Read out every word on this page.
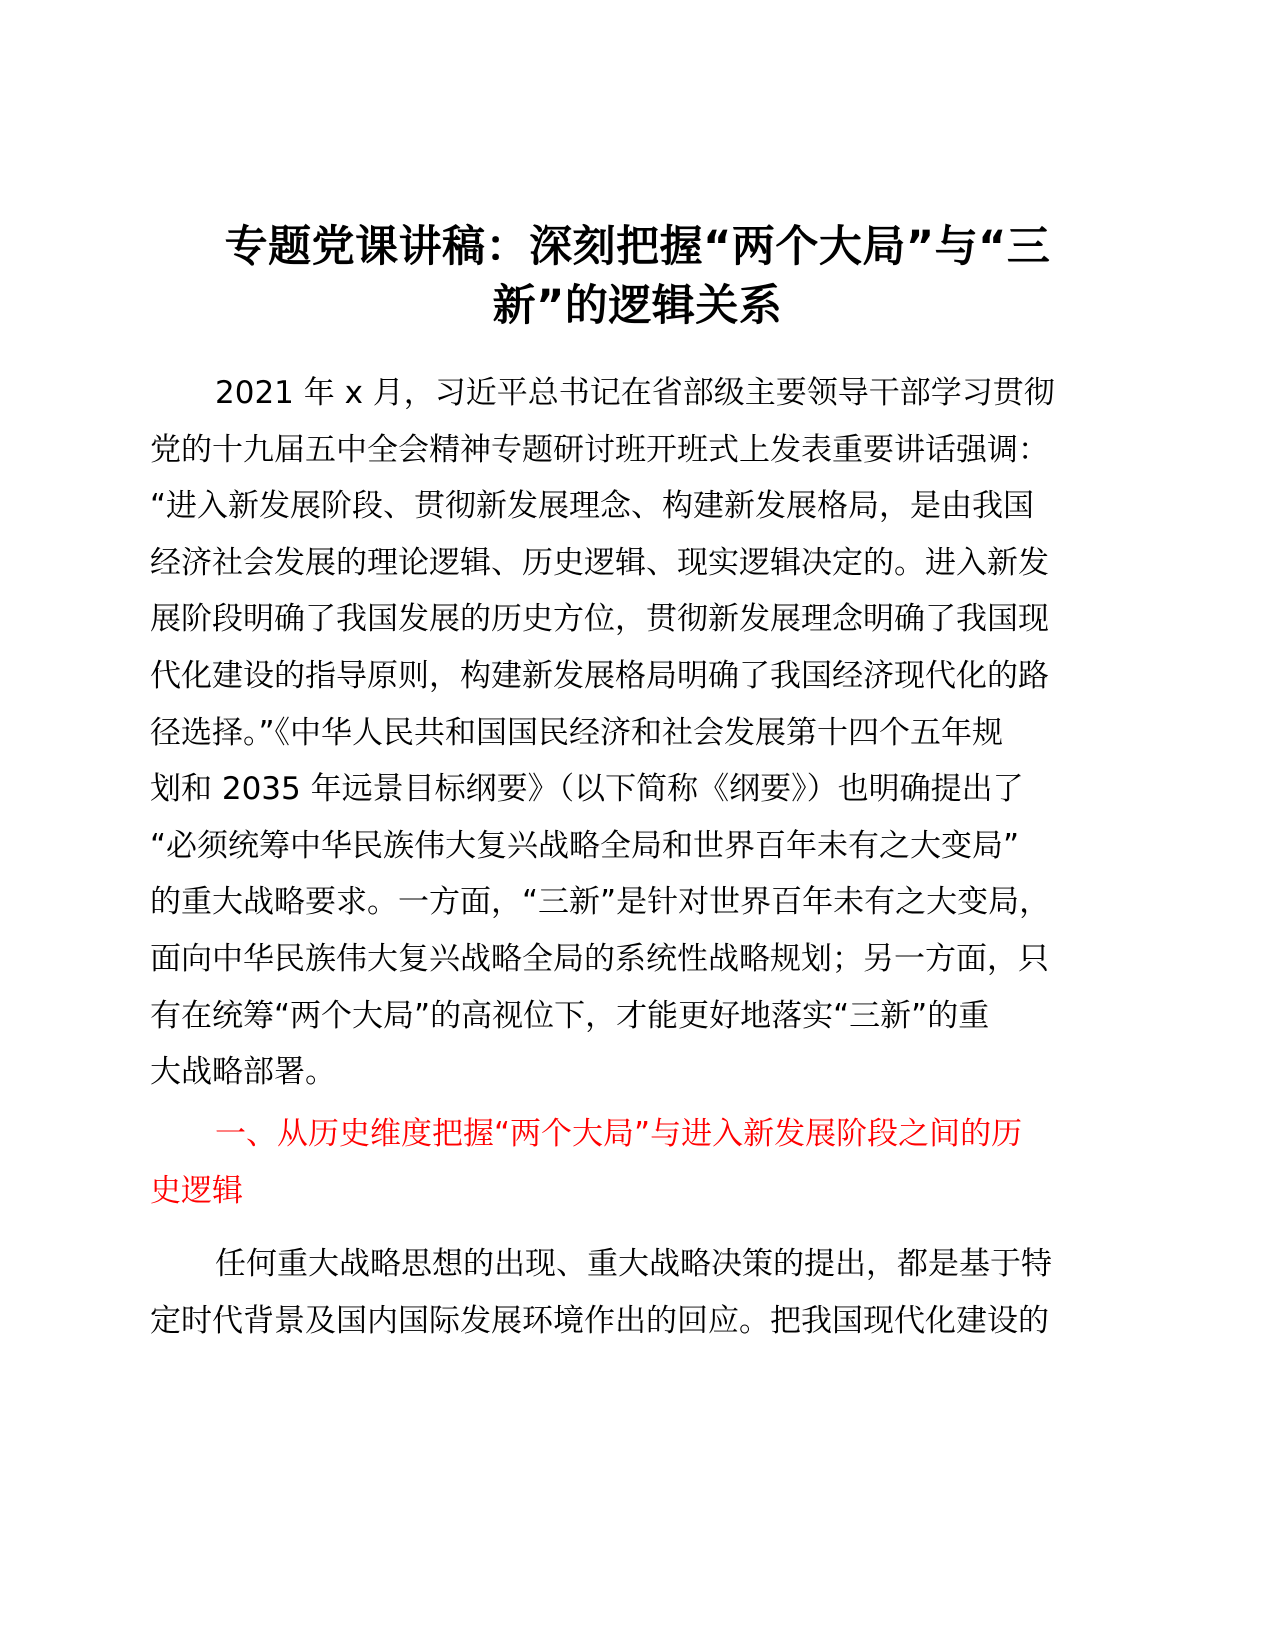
专题党课讲稿：深刻把握“两个大局”与“三
新”的逻辑关系
2021 年 x 月，习近平总书记在省部级主要领导干部学习贯彻
党的十九届五中全会精神专题研讨班开班式上发表重要讲话强调：
“进入新发展阶段、贯彻新发展理念、构建新发展格局，是由我国
经济社会发展的理论逻辑、历史逻辑、现实逻辑决定的。进入新发
展阶段明确了我国发展的历史方位，贯彻新发展理念明确了我国现
代化建设的指导原则，构建新发展格局明确了我国经济现代化的路
径选择。”《中华人民共和国国民经济和社会发展第十四个五年规
划和 2035 年远景目标纲要》（以下简称《纲要》）也明确提出了
“必须统筹中华民族伟大复兴战略全局和世界百年未有之大变局”
的重大战略要求。一方面，“三新”是针对世界百年未有之大变局，
面向中华民族伟大复兴战略全局的系统性战略规划；另一方面，只
有在统筹“两个大局”的高视位下，才能更好地落实“三新”的重
大战略部署。
一、从历史维度把握“两个大局”与进入新发展阶段之间的历
史逻辑
任何重大战略思想的出现、重大战略决策的提出，都是基于特
定时代背景及国内国际发展环境作出的回应。把我国现代化建设的
